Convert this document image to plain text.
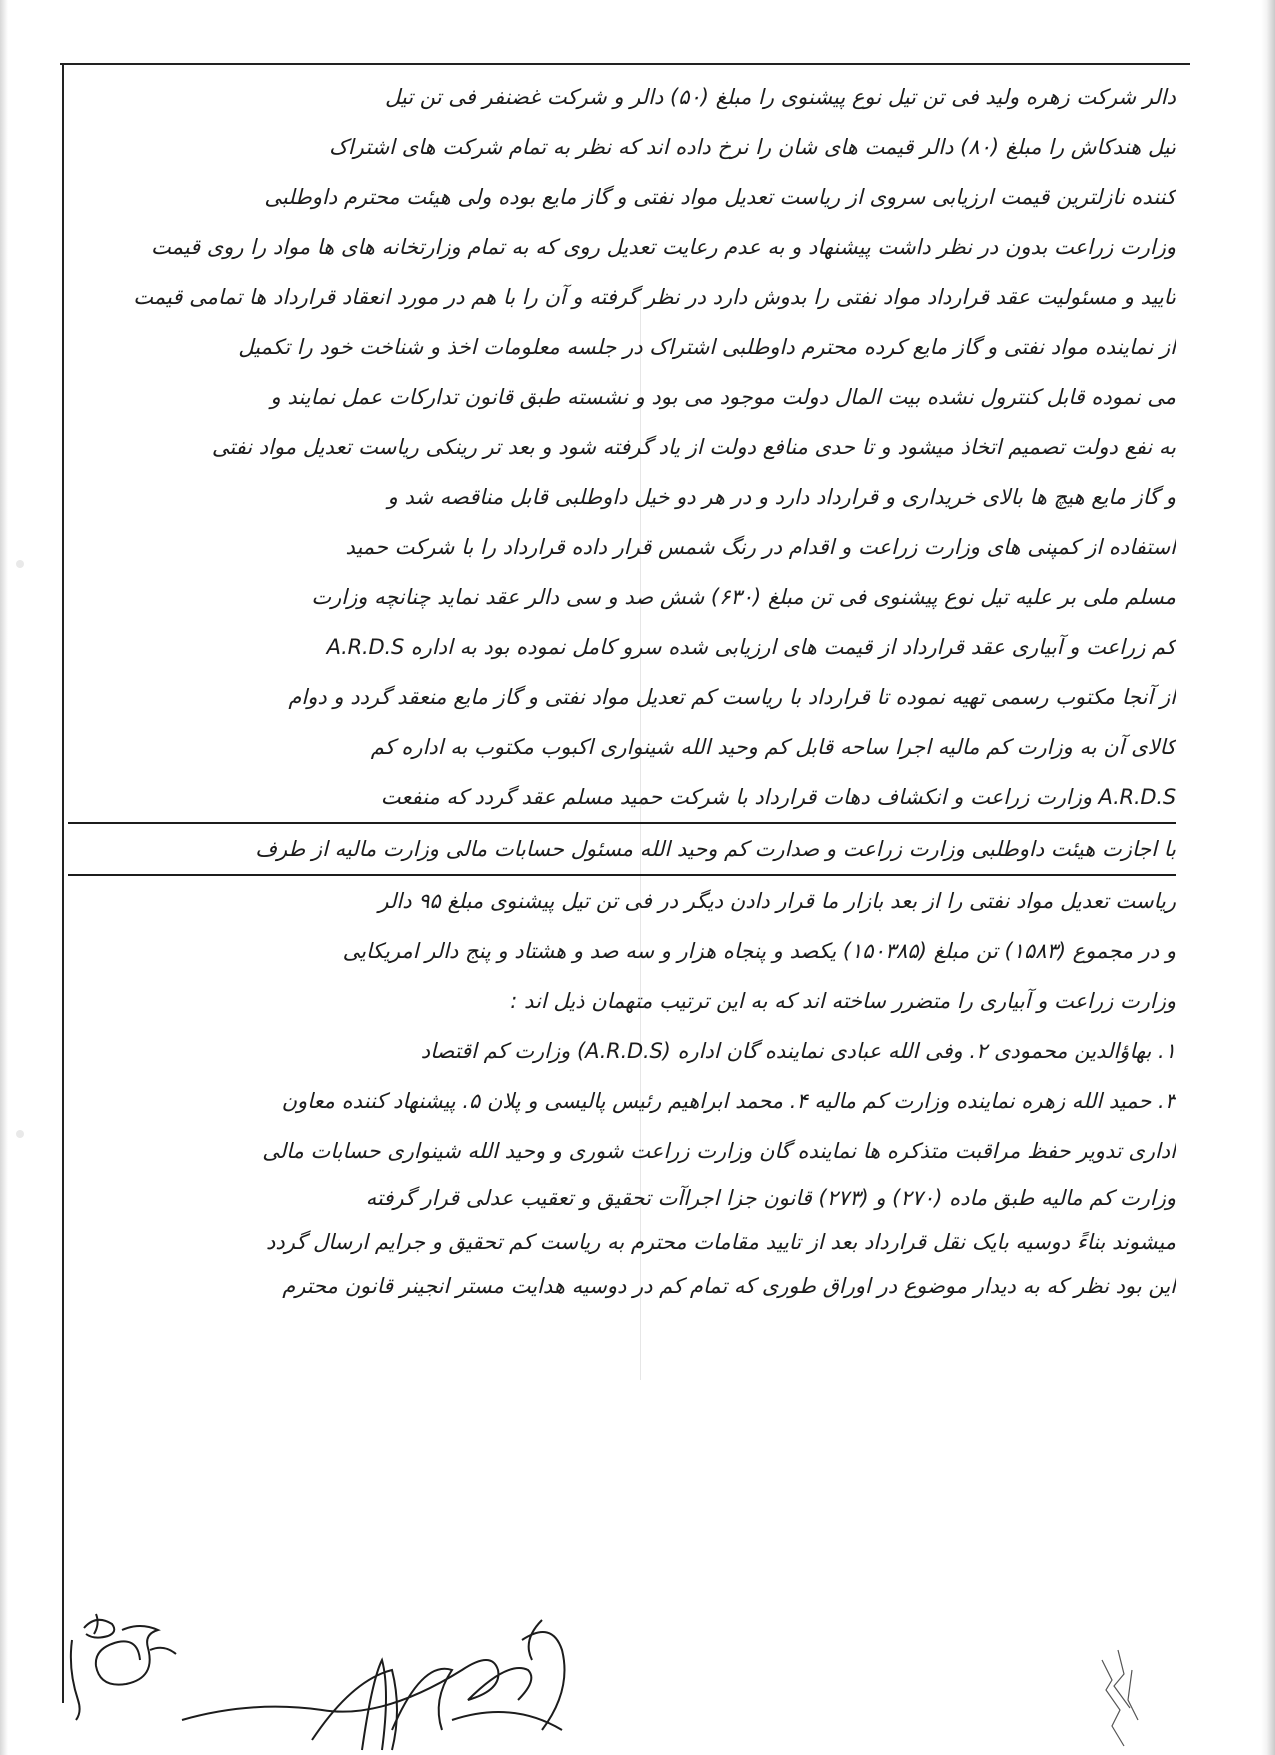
دالر شرکت زهره ولید فی تن تیل نوع پیشنوی را مبلغ (۵۰) دالر و شرکت غضنفر فی تن تیل
تیل هندکاش را مبلغ (۸۰) دالر قیمت های شان را نرخ داده اند که نظر به تمام شرکت های اشتراک
کننده نازلترین قیمت ارزیابی سروی از ریاست تعدیل مواد نفتی و گاز مایع بوده ولی هیئت محترم داوطلبی
وزارت زراعت بدون در نظر داشت پیشنهاد و به عدم رعایت تعدیل روی که به تمام وزارتخانه های ها مواد را روی قیمت
تایید و مسئولیت عقد قرارداد مواد نفتی را بدوش دارد در نظر گرفته و آن را با هم در مورد انعقاد قرارداد ها تمامی قیمت
از نماینده مواد نفتی و گاز مایع کرده محترم داوطلبی اشتراک در جلسه معلومات اخذ و شناخت خود را تکمیل
می نموده قابل کنترول نشده بیت المال دولت موجود می بود و نشسته طبق قانون تدارکات عمل نمایند و
به نفع دولت تصمیم اتخاذ میشود و تا حدی منافع دولت از یاد گرفته شود و بعد تر رینکی ریاست تعدیل مواد نفتی
و گاز مایع هیچ ها بالای خریداری و قرارداد دارد و در هر دو خیل داوطلبی قابل مناقصه شد و
استفاده از کمپنی های وزارت زراعت و اقدام در رنگ شمس قرار داده قرارداد را با شرکت حمید
مسلم ملی بر علیه تیل نوع پیشنوی فی تن مبلغ (۶۳۰) شش صد و سی دالر عقد نماید چنانچه وزارت
کم زراعت و آبیاری عقد قرارداد از قیمت های ارزیابی شده سرو کامل نموده بود به اداره A.R.D.S
از آنجا مکتوب رسمی تهیه نموده تا قرارداد با ریاست کم تعدیل مواد نفتی و گاز مایع منعقد گردد و دوام
کالای آن به وزارت کم مالیه اجرا ساحه قابل کم وحید الله شینواری اکبوب مکتوب به اداره کم
A.R.D.S وزارت زراعت و انکشاف دهات قرارداد با شرکت حمید مسلم عقد گردد که منفعت
با اجازت هیئت داوطلبی وزارت زراعت و صدارت کم وحید الله مسئول حسابات مالی وزارت مالیه از طرف
ریاست تعدیل مواد نفتی را از بعد بازار ما قرار دادن دیگر در فی تن تیل پیشنوی مبلغ ۹۵ دالر
و در مجموع (۱۵۸۳) تن مبلغ (۱۵۰۳۸۵) یکصد و پنجاه هزار و سه صد و هشتاد و پنج دالر امریکایی
وزارت زراعت و آبیاری را متضرر ساخته اند که به این ترتیب متهمان ذیل اند :
۱. بهاؤالدین محمودی ۲. وفی الله عبادی نماینده گان اداره (A.R.D.S) وزارت کم اقتصاد
۳. حمید الله زهره نماینده وزارت کم مالیه ۴. محمد ابراهیم رئیس پالیسی و پلان ۵. پیشنهاد کننده معاون
اداری تدویر حفظ مراقبت متذکره ها نماینده گان وزارت زراعت شوری و وحید الله شینواری حسابات مالی
وزارت کم مالیه طبق ماده (۲۷۰) و (۲۷۳) قانون جزا اجراآت تحقیق و تعقیب عدلی قرار گرفته
میشوند بناءً دوسیه بایک نقل قرارداد بعد از تایید مقامات محترم به ریاست کم تحقیق و جرایم ارسال گردد
این بود نظر که به دیدار موضوع در اوراق طوری که تمام کم در دوسیه هدایت مستر انجینر قانون محترم
